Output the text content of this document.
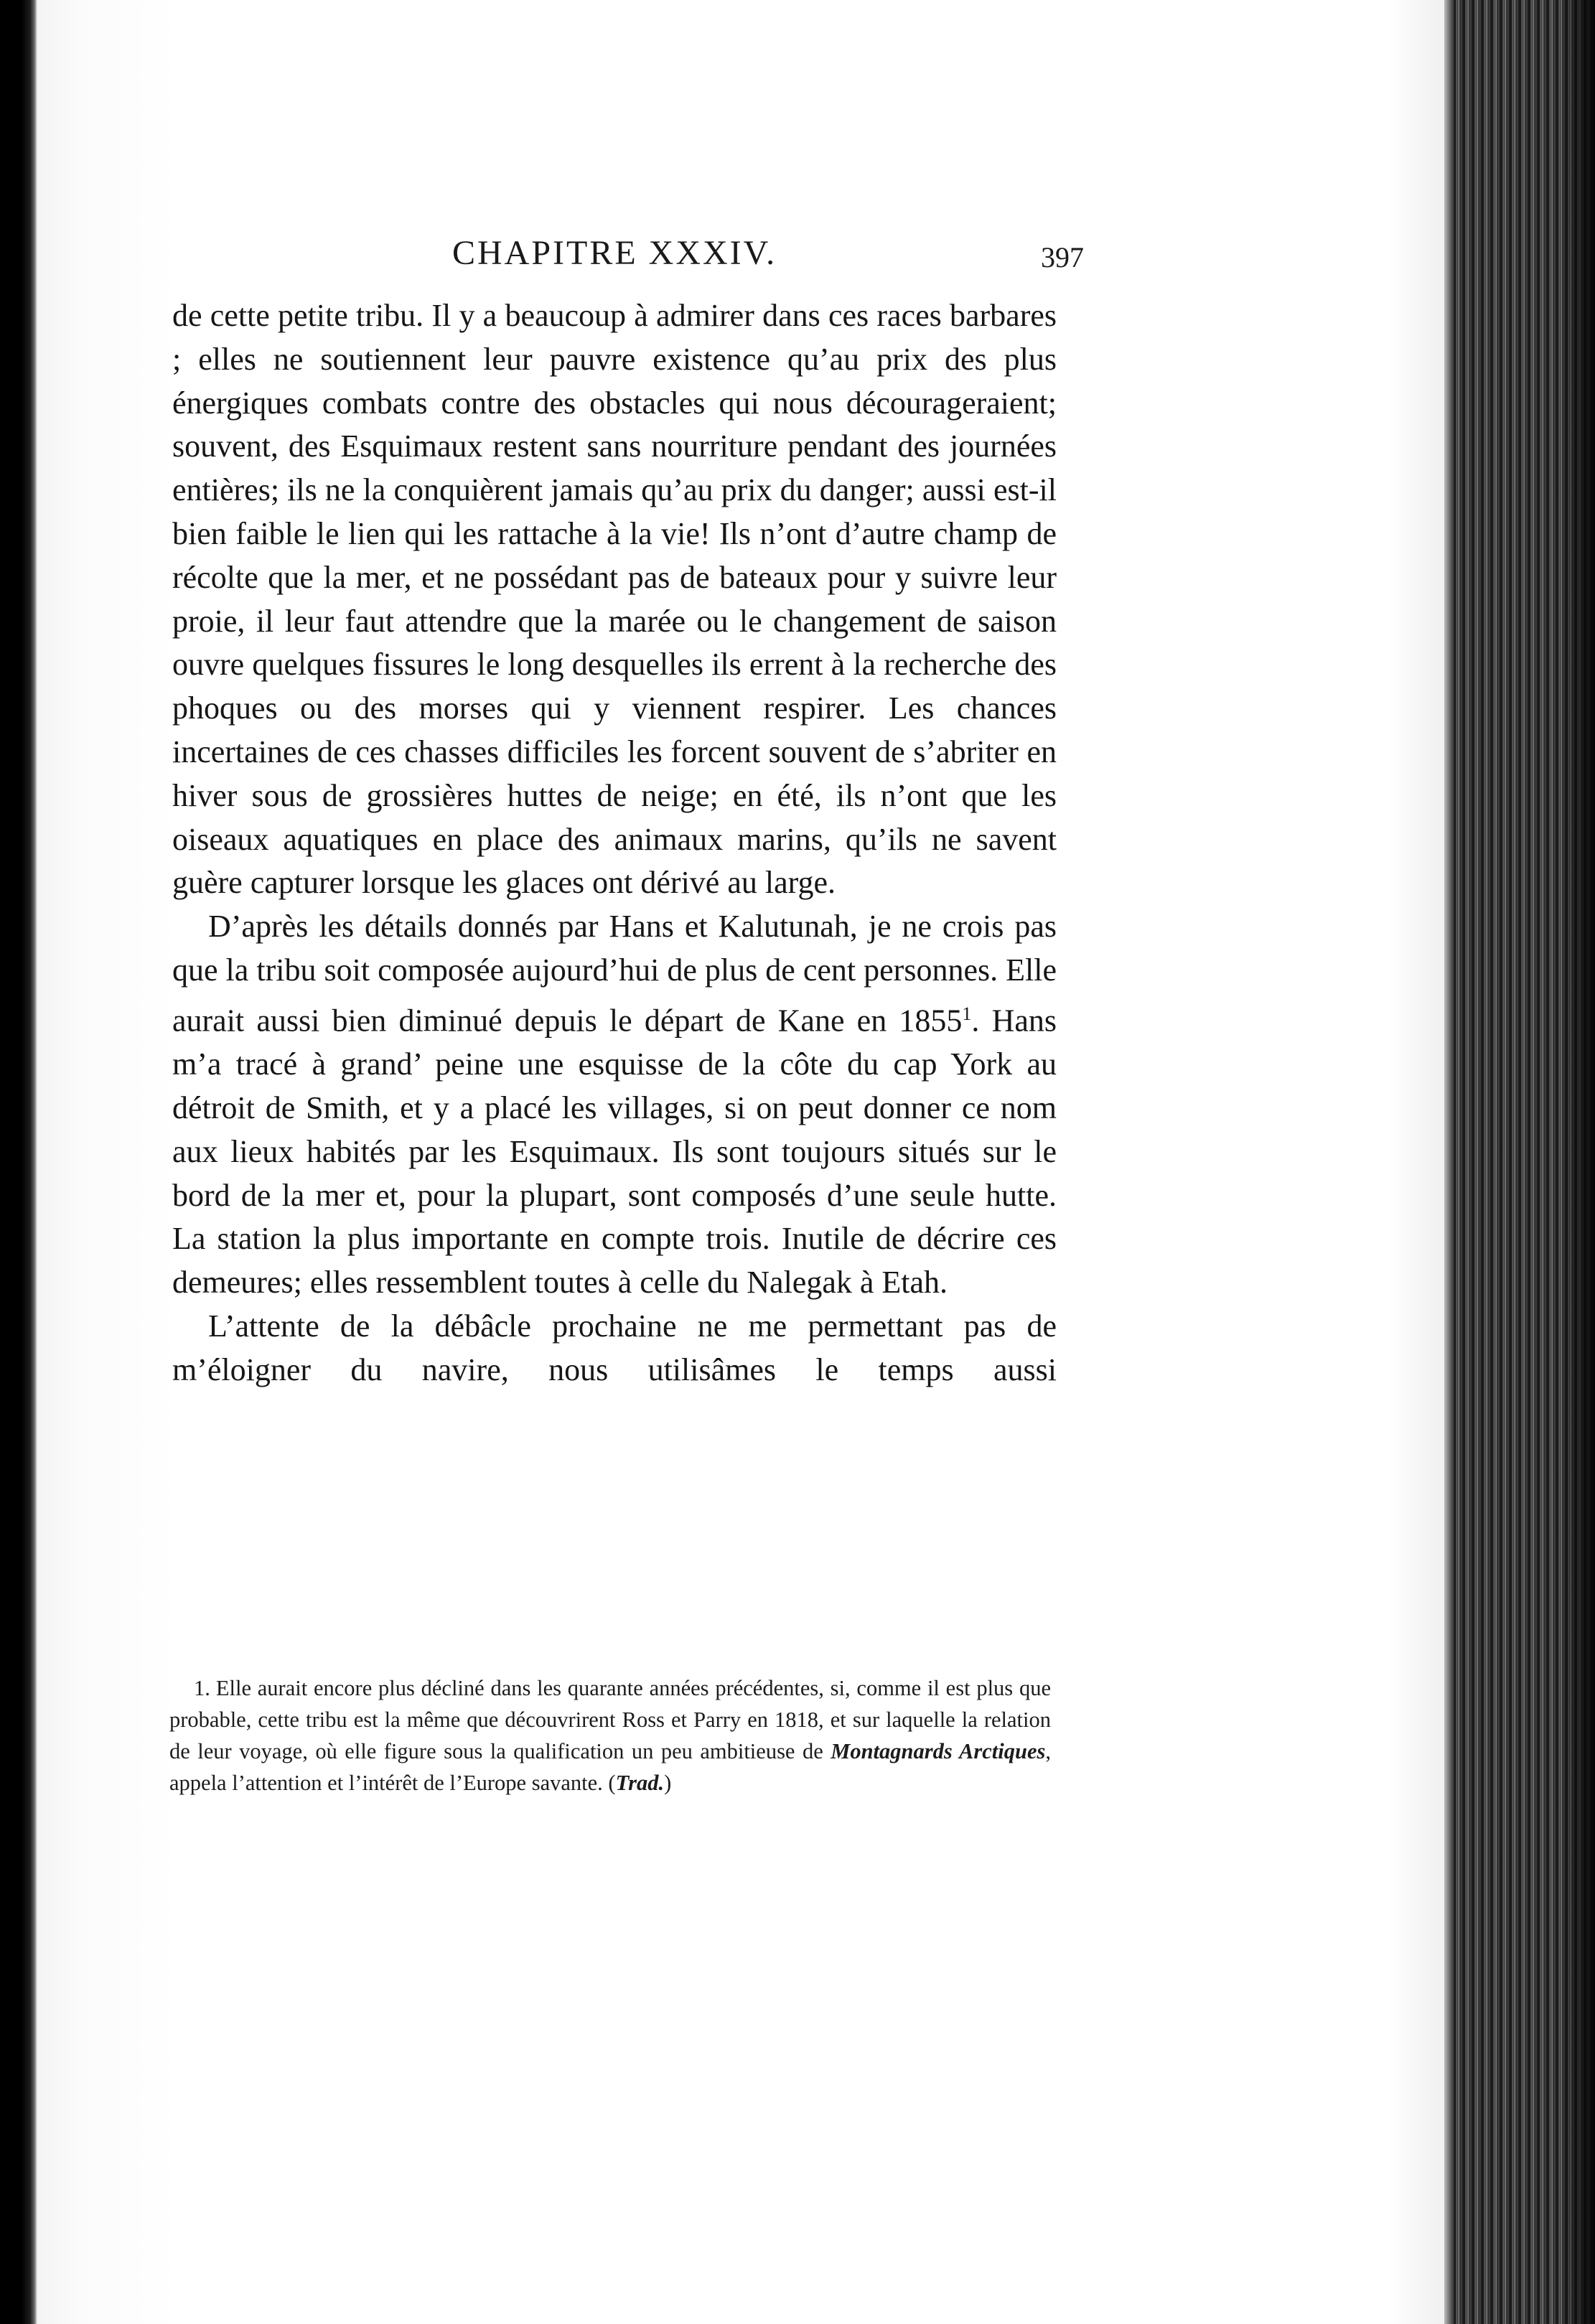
CHAPITRE XXXIV.	397

de cette petite tribu. Il y a beaucoup à admirer dans ces races barbares ; elles ne soutiennent leur pauvre existence qu’au prix des plus énergiques combats contre des obstacles qui nous décourageraient; souvent, des Esquimaux restent sans nourriture pendant des journées entières; ils ne la conquièrent jamais qu’au prix du danger; aussi est-il bien faible le lien qui les rattache à la vie! Ils n’ont d’autre champ de récolte que la mer, et ne possédant pas de bateaux pour y suivre leur proie, il leur faut attendre que la marée ou le changement de saison ouvre quelques fissures le long desquelles ils errent à la recherche des phoques ou des morses qui y viennent respirer. Les chances incertaines de ces chasses difficiles les forcent souvent de s’abriter en hiver sous de grossières huttes de neige; en été, ils n’ont que les oiseaux aquatiques en place des animaux marins, qu’ils ne savent guère capturer lorsque les glaces ont dérivé au large.

D’après les détails donnés par Hans et Kalutunah, je ne crois pas que la tribu soit composée aujourd’hui de plus de cent personnes. Elle aurait aussi bien diminué depuis le départ de Kane en 1855$^1$. Hans m’a tracé à grand’ peine une esquisse de la côte du cap York au détroit de Smith, et y a placé les villages, si on peut donner ce nom aux lieux habités par les Esquimaux. Ils sont toujours situés sur le bord de la mer et, pour la plupart, sont composés d’une seule hutte. La station la plus importante en compte trois. Inutile de décrire ces demeures; elles ressemblent toutes à celle du Nalegak à Etah.

L’attente de la débâcle prochaine ne me permettant pas de m’éloigner du navire, nous utilisâmes le temps aussi

1. Elle aurait encore plus décliné dans les quarante années précédentes, si, comme il est plus que probable, cette tribu est la même que découvrirent Ross et Parry en 1818, et sur laquelle la relation de leur voyage, où elle figure sous la qualification un peu ambitieuse de Montagnards Arctiques, appela l’attention et l’intérêt de l’Europe savante. (Trad.)
